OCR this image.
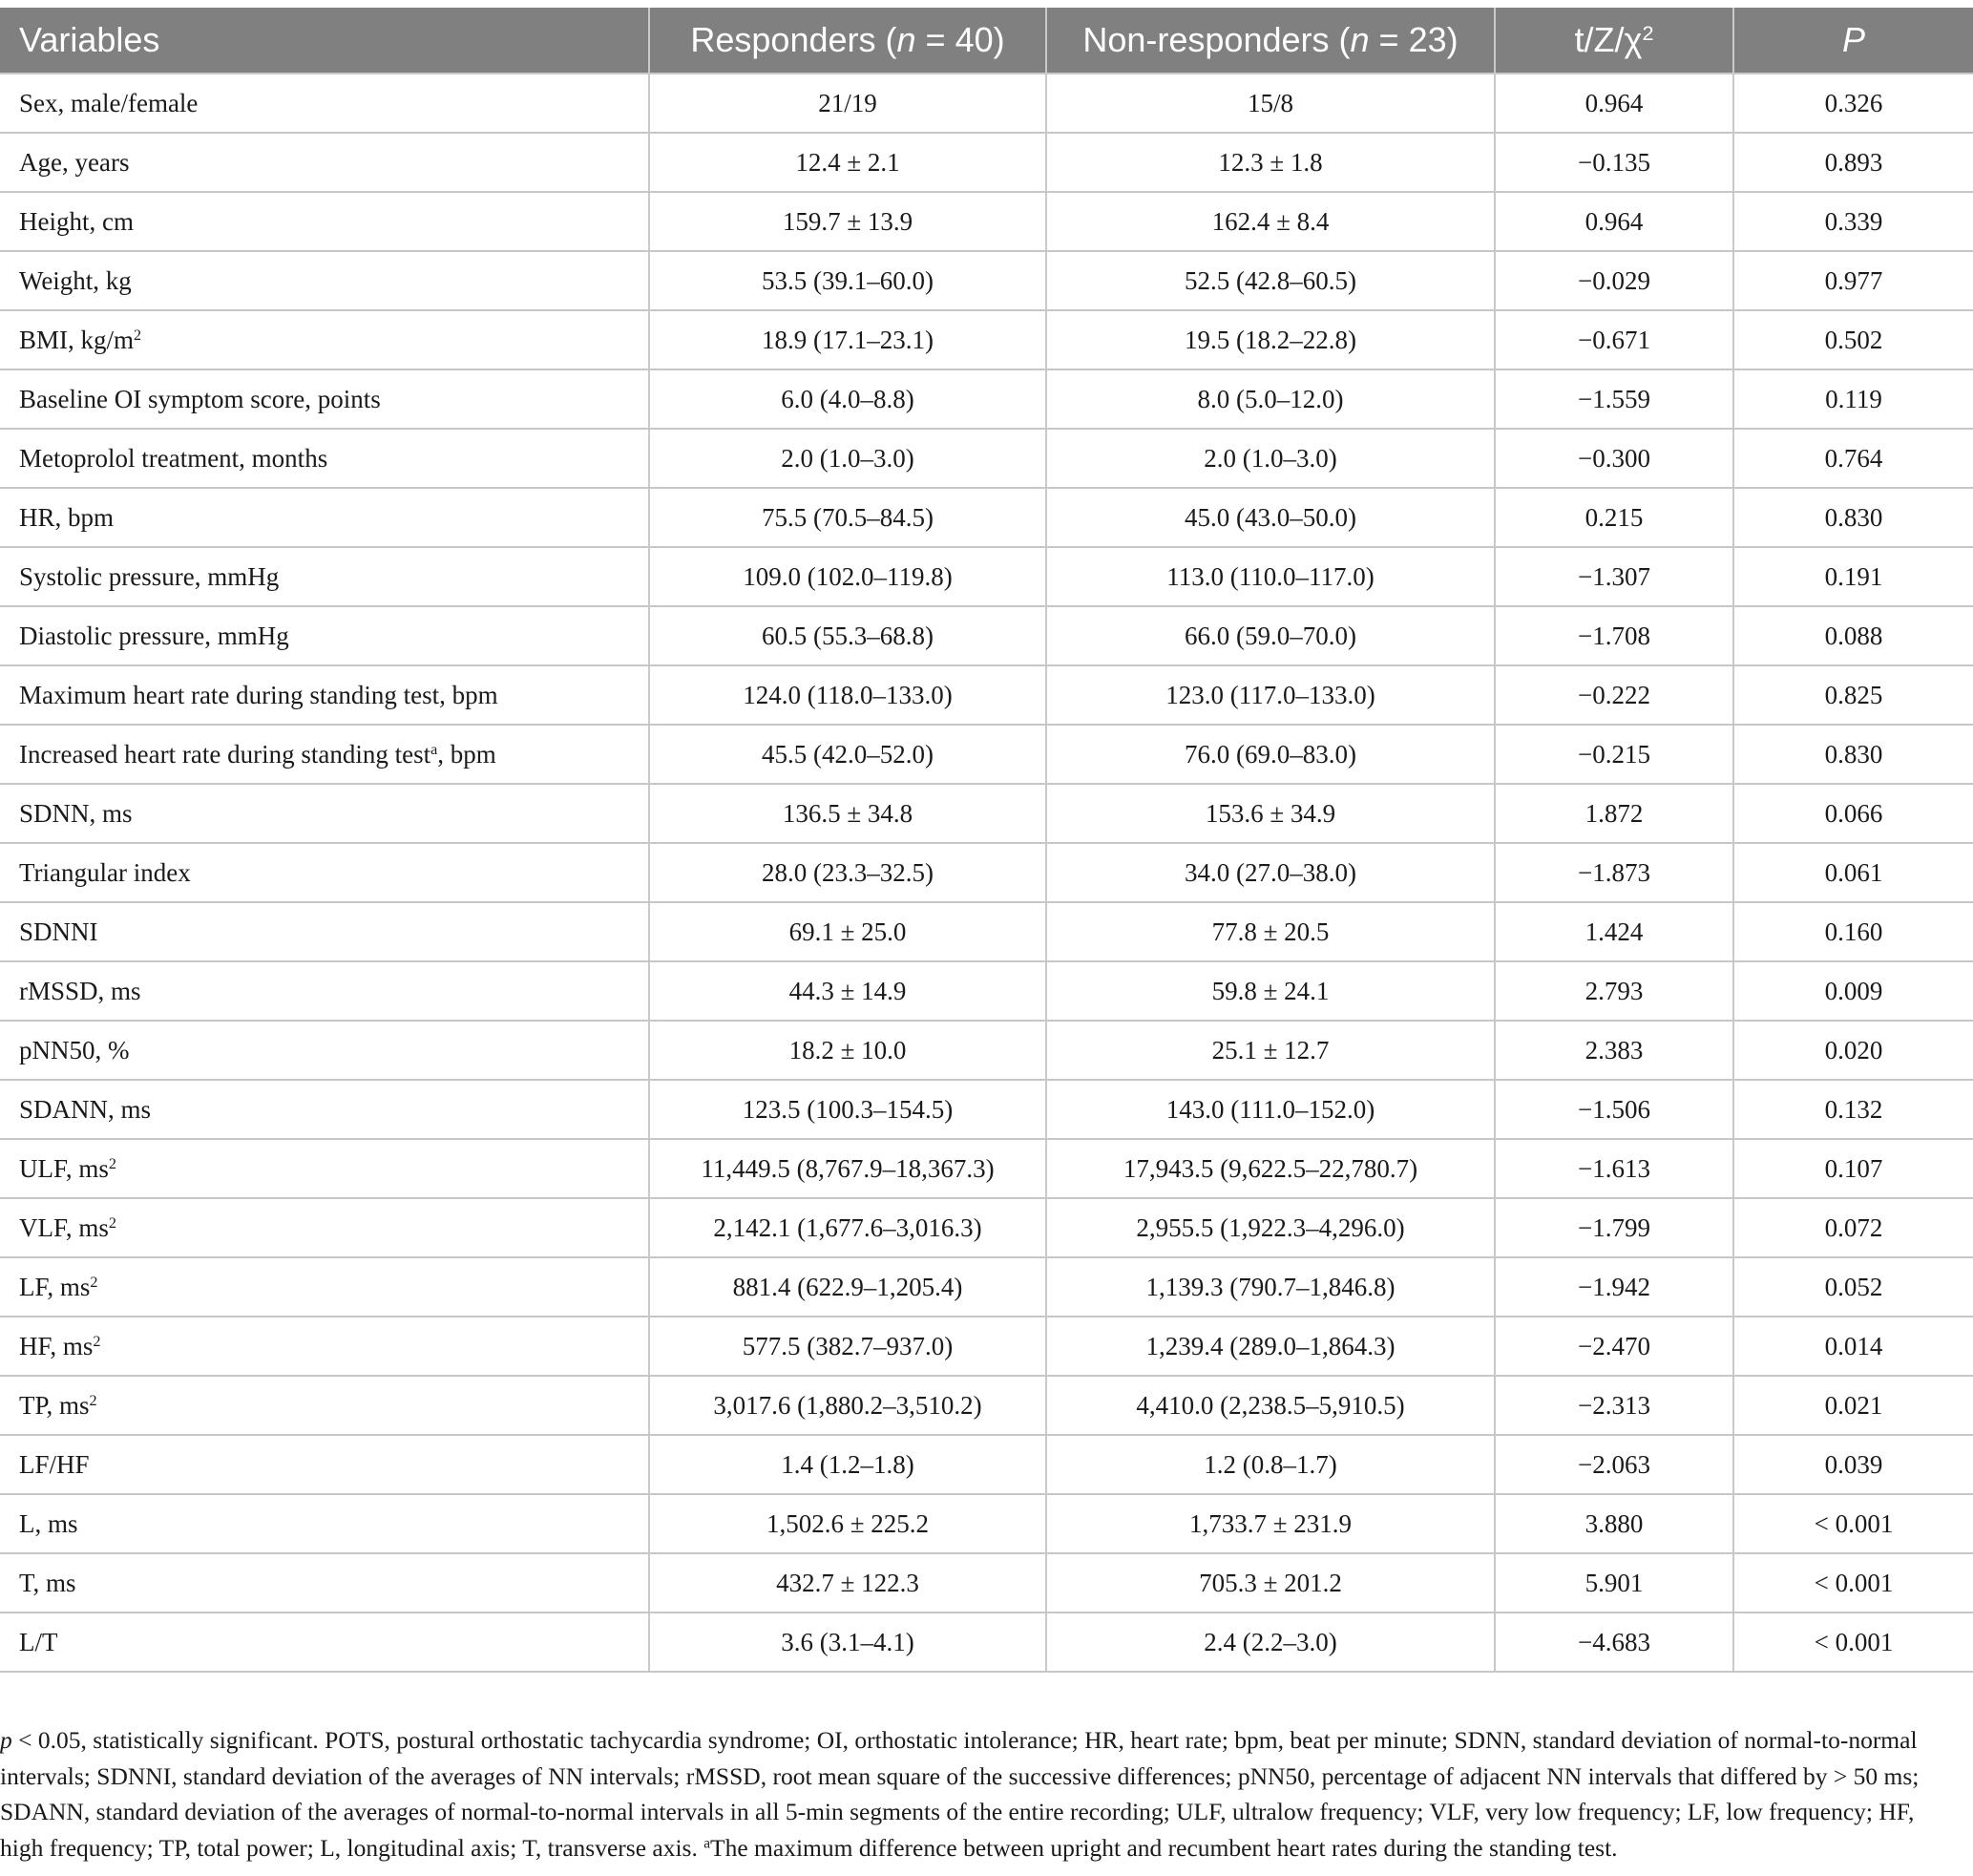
Variables	Responders (n = 40)	Non-responders (n = 23)	$t/Z/\chi^2$	P
Sex, male/female	21/19	15/8	0.964	0.326
Age, years	12.4 ± 2.1	12.3 ± 1.8	−0.135	0.893
Height, cm	159.7 ± 13.9	162.4 ± 8.4	0.964	0.339
Weight, kg	53.5 (39.1–60.0)	52.5 (42.8–60.5)	−0.029	0.977
BMI, $kg/m^2$	18.9 (17.1–23.1)	19.5 (18.2–22.8)	−0.671	0.502
Baseline OI symptom score, points	6.0 (4.0–8.8)	8.0 (5.0–12.0)	−1.559	0.119
Metoprolol treatment, months	2.0 (1.0–3.0)	2.0 (1.0–3.0)	−0.300	0.764
HR, bpm	75.5 (70.5–84.5)	45.0 (43.0–50.0)	0.215	0.830
Systolic pressure, mmHg	109.0 (102.0–119.8)	113.0 (110.0–117.0)	−1.307	0.191
Diastolic pressure, mmHg	60.5 (55.3–68.8)	66.0 (59.0–70.0)	−1.708	0.088
Maximum heart rate during standing test, bpm	124.0 (118.0–133.0)	123.0 (117.0–133.0)	−0.222	0.825
Increased heart rate during standing test$^a$, bpm	45.5 (42.0–52.0)	76.0 (69.0–83.0)	−0.215	0.830
SDNN, ms	136.5 ± 34.8	153.6 ± 34.9	1.872	0.066
Triangular index	28.0 (23.3–32.5)	34.0 (27.0–38.0)	−1.873	0.061
SDNNI	69.1 ± 25.0	77.8 ± 20.5	1.424	0.160
rMSSD, ms	44.3 ± 14.9	59.8 ± 24.1	2.793	0.009
pNN50, %	18.2 ± 10.0	25.1 ± 12.7	2.383	0.020
SDANN, ms	123.5 (100.3–154.5)	143.0 (111.0–152.0)	−1.506	0.132
ULF, $ms^2$	11,449.5 (8,767.9–18,367.3)	17,943.5 (9,622.5–22,780.7)	−1.613	0.107
VLF, $ms^2$	2,142.1 (1,677.6–3,016.3)	2,955.5 (1,922.3–4,296.0)	−1.799	0.072
LF, $ms^2$	881.4 (622.9–1,205.4)	1,139.3 (790.7–1,846.8)	−1.942	0.052
HF, $ms^2$	577.5 (382.7–937.0)	1,239.4 (289.0–1,864.3)	−2.470	0.014
TP, $ms^2$	3,017.6 (1,880.2–3,510.2)	4,410.0 (2,238.5–5,910.5)	−2.313	0.021
LF/HF	1.4 (1.2–1.8)	1.2 (0.8–1.7)	−2.063	0.039
L, ms	1,502.6 ± 225.2	1,733.7 ± 231.9	3.880	< 0.001
T, ms	432.7 ± 122.3	705.3 ± 201.2	5.901	< 0.001
L/T	3.6 (3.1–4.1)	2.4 (2.2–3.0)	−4.683	< 0.001

p < 0.05, statistically significant. POTS, postural orthostatic tachycardia syndrome; OI, orthostatic intolerance; HR, heart rate; bpm, beat per minute; SDNN, standard deviation of normal-to-normal intervals; SDNNI, standard deviation of the averages of NN intervals; rMSSD, root mean square of the successive differences; pNN50, percentage of adjacent NN intervals that differed by > 50 ms; SDANN, standard deviation of the averages of normal-to-normal intervals in all 5-min segments of the entire recording; ULF, ultralow frequency; VLF, very low frequency; LF, low frequency; HF, high frequency; TP, total power; L, longitudinal axis; T, transverse axis. $^a$The maximum difference between upright and recumbent heart rates during the standing test.
